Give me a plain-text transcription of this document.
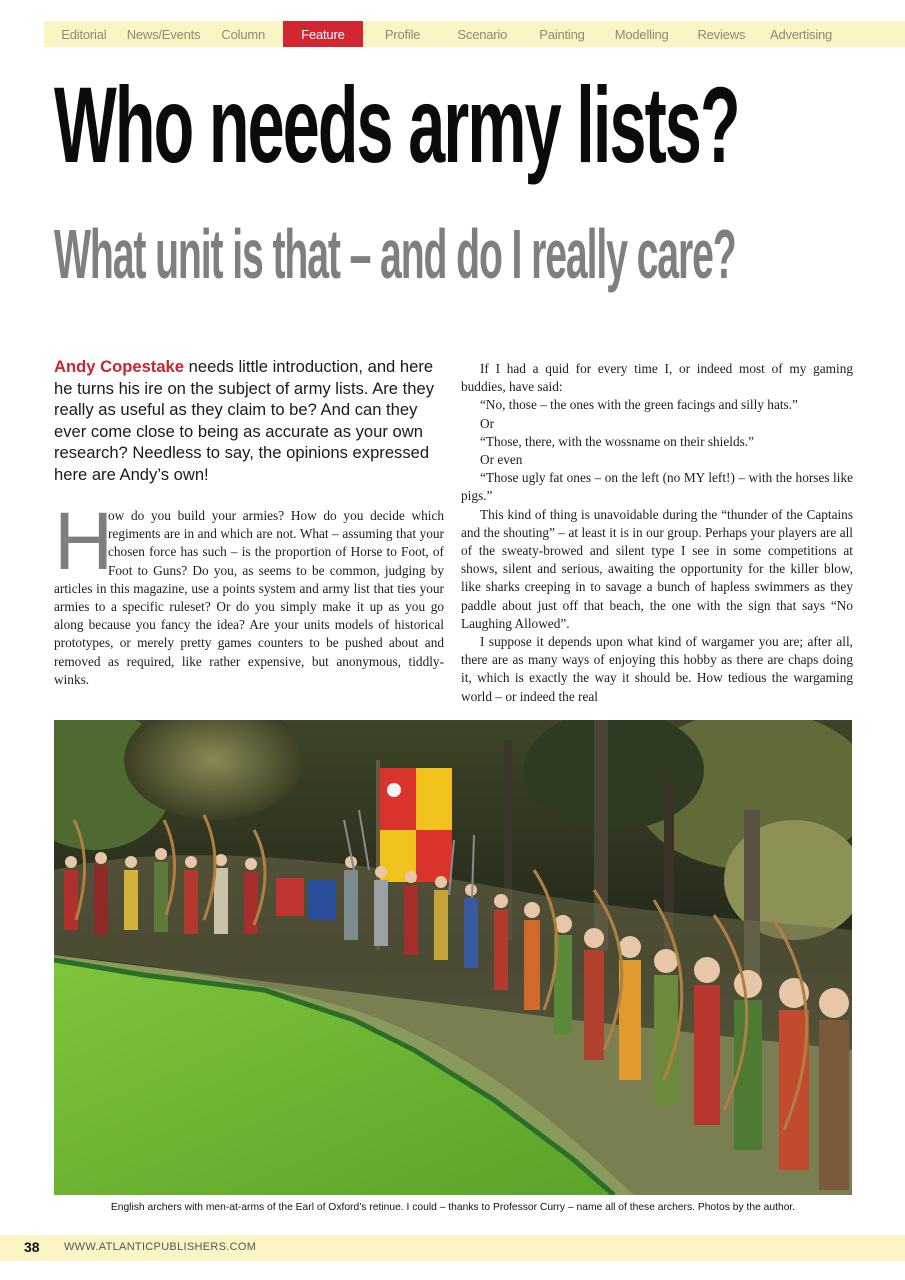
Editorial	News/Events	Column	Feature	Profile	Scenario	Painting	Modelling	Reviews	Advertising
Who needs army lists?
What unit is that – and do I really care?

Andy Copestake needs little introduction, and here he turns his ire on the subject of army lists. Are they really as useful as they claim to be? And can they ever come close to being as accurate as your own research? Needless to say, the opinions expressed here are Andy’s own!

H

ow do you build your armies? How do you decide which regiments are in and which are not. What – assuming that your chosen force has such – is the proportion of Horse to Foot, of Foot to Guns? Do you, as seems to be common, judging by articles in this magazine, use a points system and army list that ties your armies to a specific ruleset? Or do you simply make it up as you go along because you fancy the idea? Are your units models of historical prototypes, or merely pretty games counters to be pushed about and removed as required, like rather expensive, but anonymous, tiddly-winks.

If I had a quid for every time I, or indeed most of my gaming buddies, have said:

“No, those – the ones with the green facings and silly hats.”

Or

“Those, there, with the wossname on their shields.”

Or even

“Those ugly fat ones – on the left (no MY left!) – with the horses like pigs.”

This kind of thing is unavoidable during the “thunder of the Captains and the shouting” – at least it is in our group. Perhaps your players are all of the sweaty-browed and silent type I see in some competitions at shows, silent and serious, awaiting the opportunity for the killer blow, like sharks creeping in to savage a bunch of hapless swimmers as they paddle about just off that beach, the one with the sign that says “No Laughing Allowed”.

I suppose it depends upon what kind of wargamer you are; after all, there are as many ways of enjoying this hobby as there are chaps doing it, which is exactly the way it should be. How tedious the wargaming world – or indeed the real

English archers with men-at-arms of the Earl of Oxford’s retinue. I could – thanks to Professor Curry – name all of these archers. Photos by the author.
38 WWW.ATLANTICPUBLISHERS.COM
